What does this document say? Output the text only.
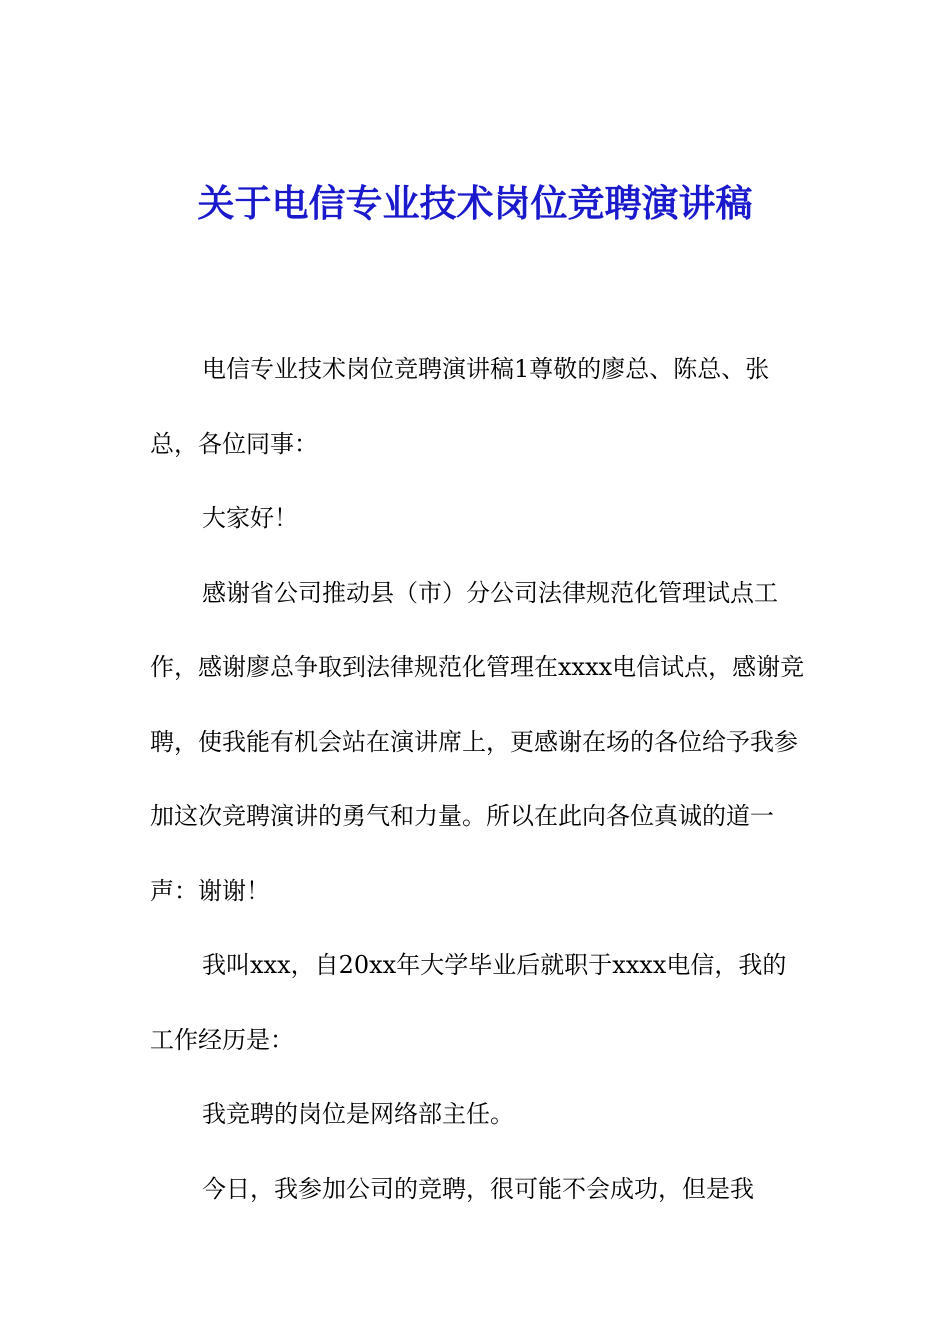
关于电信专业技术岗位竞聘演讲稿

电信专业技术岗位竞聘演讲稿1尊敬的廖总、陈总、张总，各位同事：

大家好！

感谢省公司推动县（市）分公司法律规范化管理试点工作，感谢廖总争取到法律规范化管理在xxxx电信试点，感谢竞聘，使我能有机会站在演讲席上，更感谢在场的各位给予我参加这次竞聘演讲的勇气和力量。所以在此向各位真诚的道一声：谢谢！

我叫xxx，自20xx年大学毕业后就职于xxxx电信，我的工作经历是：

我竞聘的岗位是网络部主任。

今日，我参加公司的竞聘，很可能不会成功，但是我
